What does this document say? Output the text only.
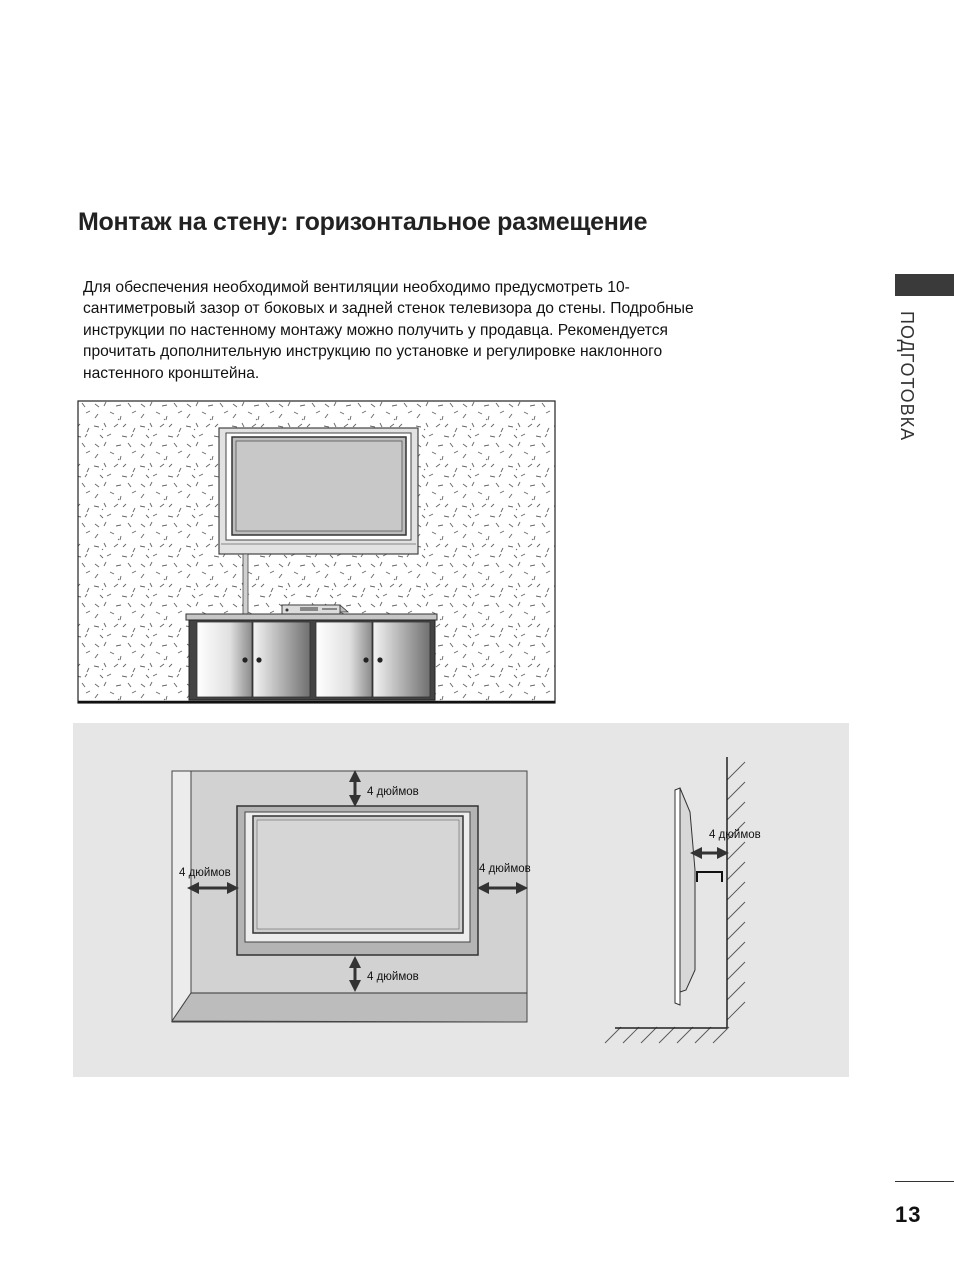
Монтаж на стену: горизонтальное размещение
Для обеспечения необходимой вентиляции необходимо предусмотреть 10-
сантиметровый зазор от боковых и задней стенок телевизора до стены. Подробные
инструкции по настенному монтажу можно получить у продавца. Рекомендуется
прочитать дополнительную инструкцию по установке и регулировке наклонного
настенного кронштейна.	ПОДГОТОВКА
4 дюймов
4 дюймов
4 дюймов	4 дюймов
4 дюймов
13
